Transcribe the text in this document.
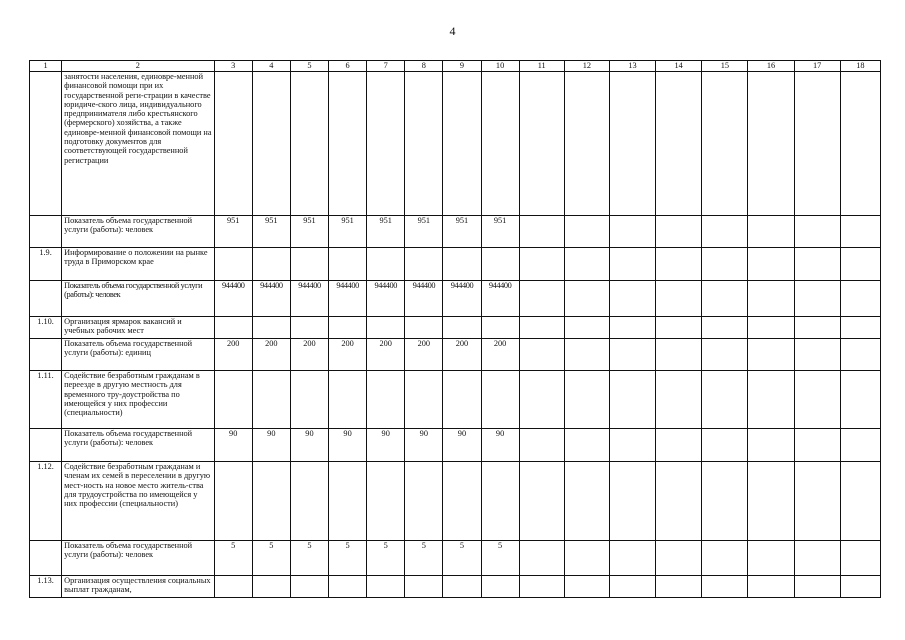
4
1	2	3	4	5	6	7	8	9	10	11	12	13	14	15	16	17	18
	занятости населения, единовре-менной финансовой помощи при их государственной реги-страции в качестве юридиче-ского лица, индивидуального предпринимателя либо крестьянского (фермерского) хозяйства, а также единовре-менной финансовой помощи на подготовку документов для соответствующей государственной регистрации																
	Показатель объема государственной услуги (работы): человек	951	951	951	951	951	951	951	951								
1.9.	Информирование о положении на рынке труда в Приморском крае																
	Показатель объема государственной услуги (работы): человек	944400	944400	944400	944400	944400	944400	944400	944400								
1.10.	Организация ярмарок вакансий и учебных рабочих мест																
	Показатель объема государственной услуги (работы): единиц	200	200	200	200	200	200	200	200								
1.11.	Содействие безработным гражданам в переезде в другую местность для временного тру-доустройства по имеющейся у них профессии (специальности)																
	Показатель объема государственной услуги (работы): человек	90	90	90	90	90	90	90	90								
1.12.	Содействие безработным гражданам и членам их семей в переселении в другую мест-ность на новое место житель-ства для трудоустройства по имеющейся у них профессии (специальности)																
	Показатель объема государственной услуги (работы): человек	5	5	5	5	5	5	5	5								
1.13.	Организация осуществления социальных выплат гражданам,																
